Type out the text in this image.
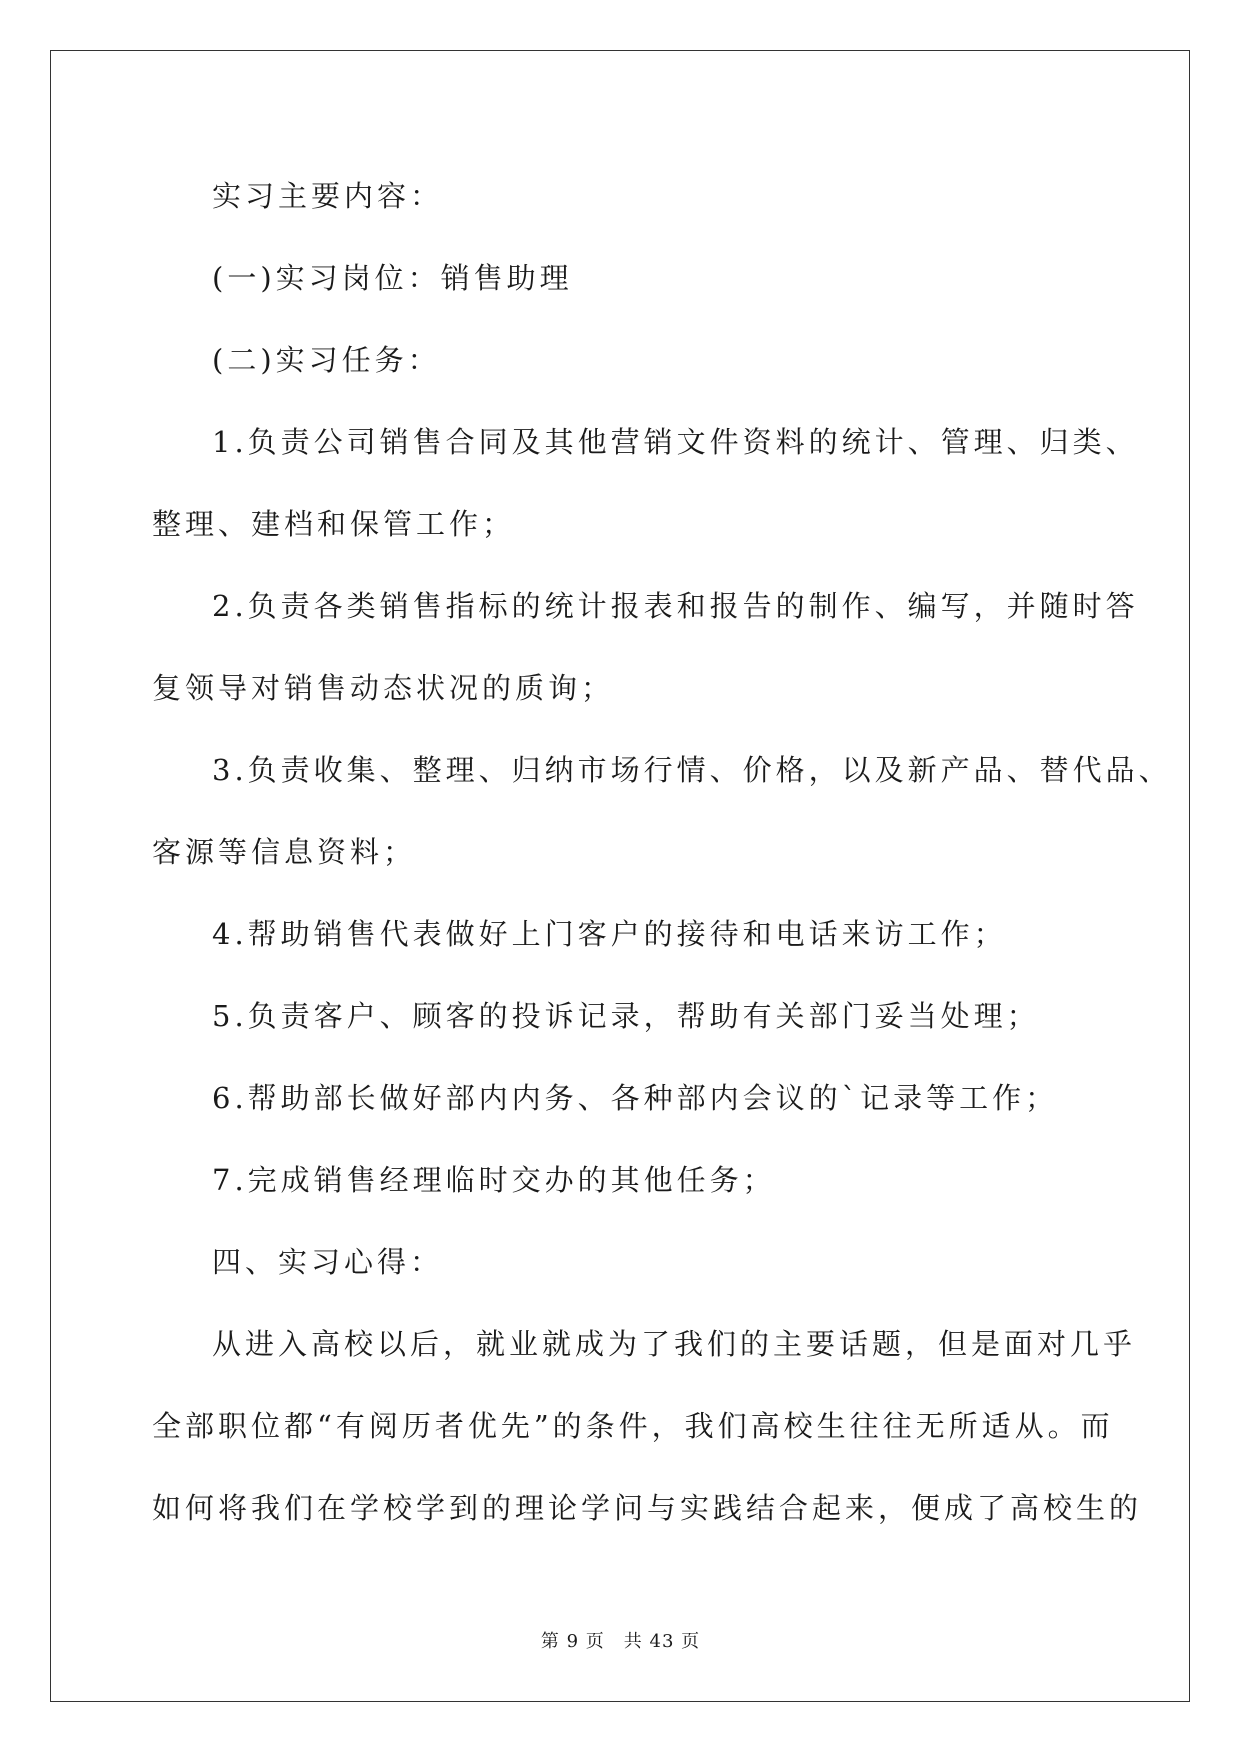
实习主要内容：

(一)实习岗位：销售助理

(二)实习任务：

1.负责公司销售合同及其他营销文件资料的统计、管理、归类、

整理、建档和保管工作；

2.负责各类销售指标的统计报表和报告的制作、编写，并随时答

复领导对销售动态状况的质询；

3.负责收集、整理、归纳市场行情、价格，以及新产品、替代品、

客源等信息资料；

4.帮助销售代表做好上门客户的接待和电话来访工作；

5.负责客户、顾客的投诉记录，帮助有关部门妥当处理；

6.帮助部长做好部内内务、各种部内会议的`记录等工作；

7.完成销售经理临时交办的其他任务；

四、实习心得：

从进入高校以后，就业就成为了我们的主要话题，但是面对几乎

全部职位都“有阅历者优先”的条件，我们高校生往往无所适从。而

如何将我们在学校学到的理论学问与实践结合起来，便成了高校生的

第 9 页　共 43 页
